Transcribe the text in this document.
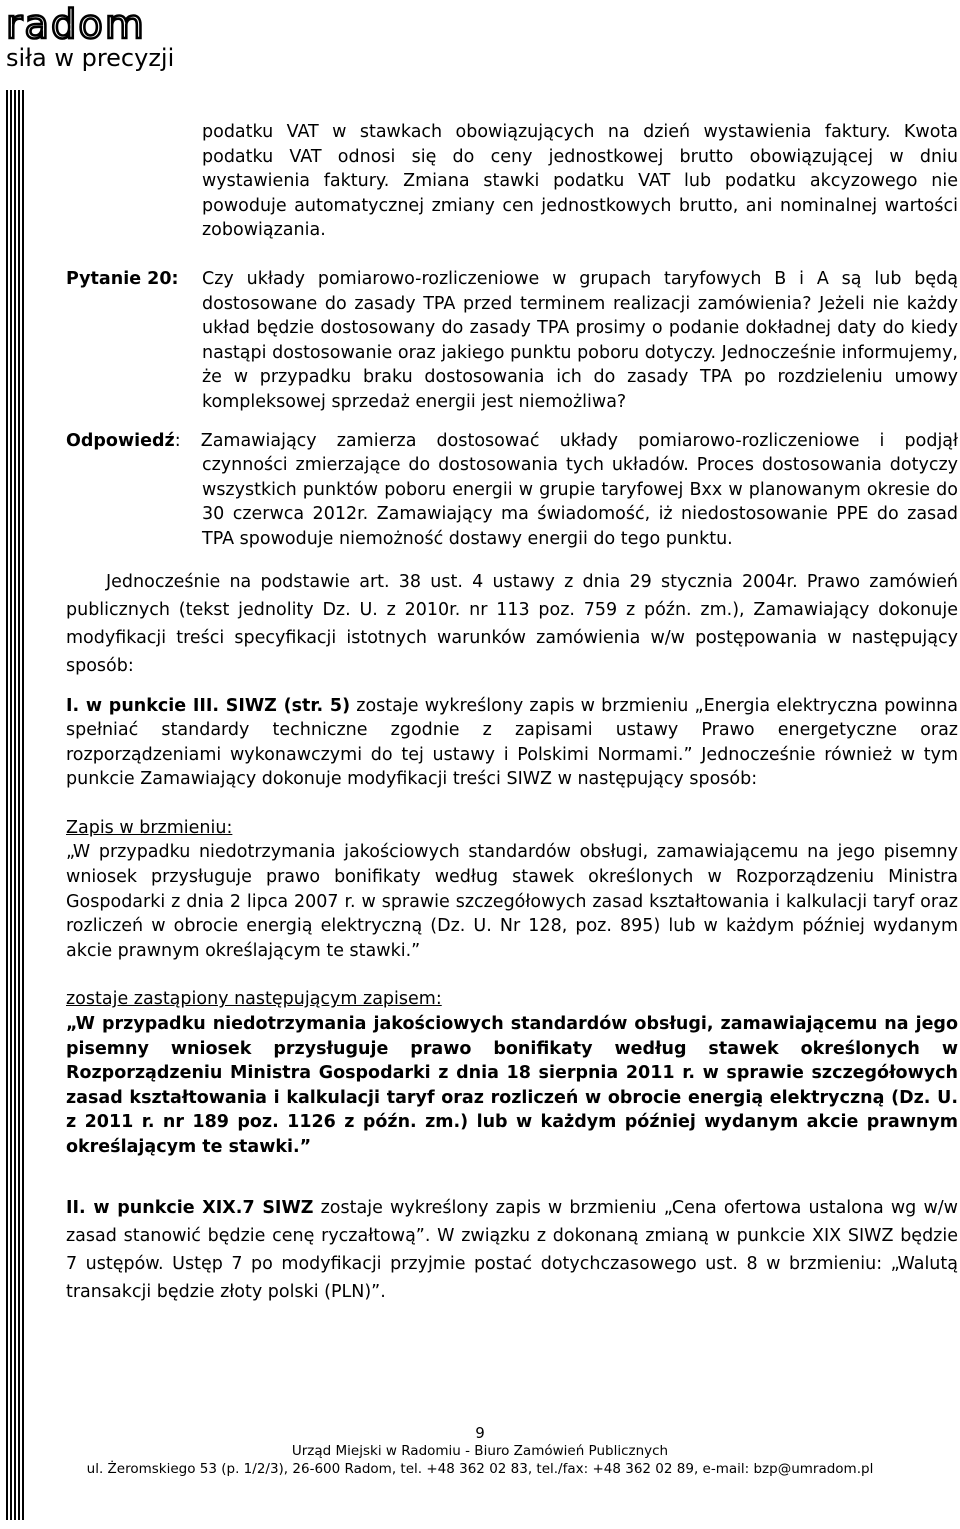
radom
siła w precyzji
podatku VAT w stawkach obowiązujących na dzień wystawienia faktury. Kwota podatku VAT odnosi się do ceny jednostkowej brutto obowiązującej w dniu wystawienia faktury. Zmiana stawki podatku VAT lub podatku akcyzowego nie powoduje automatycznej zmiany cen jednostkowych brutto, ani nominalnej wartości zobowiązania.
Pytanie 20: Czy układy pomiarowo-rozliczeniowe w grupach taryfowych B i A są lub będą dostosowane do zasady TPA przed terminem realizacji zamówienia? Jeżeli nie każdy układ będzie dostosowany do zasady TPA prosimy o podanie dokładnej daty do kiedy nastąpi dostosowanie oraz jakiego punktu poboru dotyczy. Jednocześnie informujemy, że w przypadku braku dostosowania ich do zasady TPA po rozdzieleniu umowy kompleksowej sprzedaż energii jest niemożliwa?
Odpowiedź: Zamawiający zamierza dostosować układy pomiarowo-rozliczeniowe i podjął
czynności zmierzające do dostosowania tych układów. Proces dostosowania dotyczy wszystkich punktów poboru energii w grupie taryfowej Bxx w planowanym okresie do 30 czerwca 2012r. Zamawiający ma świadomość, iż niedostosowanie PPE do zasad TPA spowoduje niemożność dostawy energii do tego punktu.

Jednocześnie na podstawie art. 38 ust. 4 ustawy z dnia 29 stycznia 2004r. Prawo zamówień publicznych (tekst jednolity Dz. U. z 2010r. nr 113 poz. 759 z późn. zm.), Zamawiający dokonuje modyfikacji treści specyfikacji istotnych warunków zamówienia w/w postępowania w następujący sposób:

I. w punkcie III. SIWZ (str. 5) zostaje wykreślony zapis w brzmieniu „Energia elektryczna powinna spełniać standardy techniczne zgodnie z zapisami ustawy Prawo energetyczne oraz rozporządzeniami wykonawczymi do tej ustawy i Polskimi Normami.” Jednocześnie również w tym punkcie Zamawiający dokonuje modyfikacji treści SIWZ w następujący sposób:

Zapis w brzmieniu:

„W przypadku niedotrzymania jakościowych standardów obsługi, zamawiającemu na jego pisemny wniosek przysługuje prawo bonifikaty według stawek określonych w Rozporządzeniu Ministra Gospodarki z dnia 2 lipca 2007 r. w sprawie szczegółowych zasad kształtowania i kalkulacji taryf oraz rozliczeń w obrocie energią elektryczną (Dz. U. Nr 128, poz. 895) lub w każdym później wydanym akcie prawnym określającym te stawki.”

zostaje zastąpiony następującym zapisem:

„W przypadku niedotrzymania jakościowych standardów obsługi, zamawiającemu na jego pisemny wniosek przysługuje prawo bonifikaty według stawek określonych w Rozporządzeniu Ministra Gospodarki z dnia 18 sierpnia 2011 r. w sprawie szczegółowych zasad kształtowania i kalkulacji taryf oraz rozliczeń w obrocie energią elektryczną (Dz. U. z 2011 r. nr 189 poz. 1126 z późn. zm.) lub w każdym później wydanym akcie prawnym określającym te stawki.”

II. w punkcie XIX.7 SIWZ zostaje wykreślony zapis w brzmieniu „Cena ofertowa ustalona wg w/w zasad stanowić będzie cenę ryczałtową”. W związku z dokonaną zmianą w punkcie XIX SIWZ będzie 7 ustępów. Ustęp 7 po modyfikacji przyjmie postać dotychczasowego ust. 8 w brzmieniu: „Walutą transakcji będzie złoty polski (PLN)”.

9
Urząd Miejski w Radomiu - Biuro Zamówień Publicznych
ul. Żeromskiego 53 (p. 1/2/3), 26-600 Radom, tel. +48 362 02 83, tel./fax: +48 362 02 89, e-mail: bzp@umradom.pl
